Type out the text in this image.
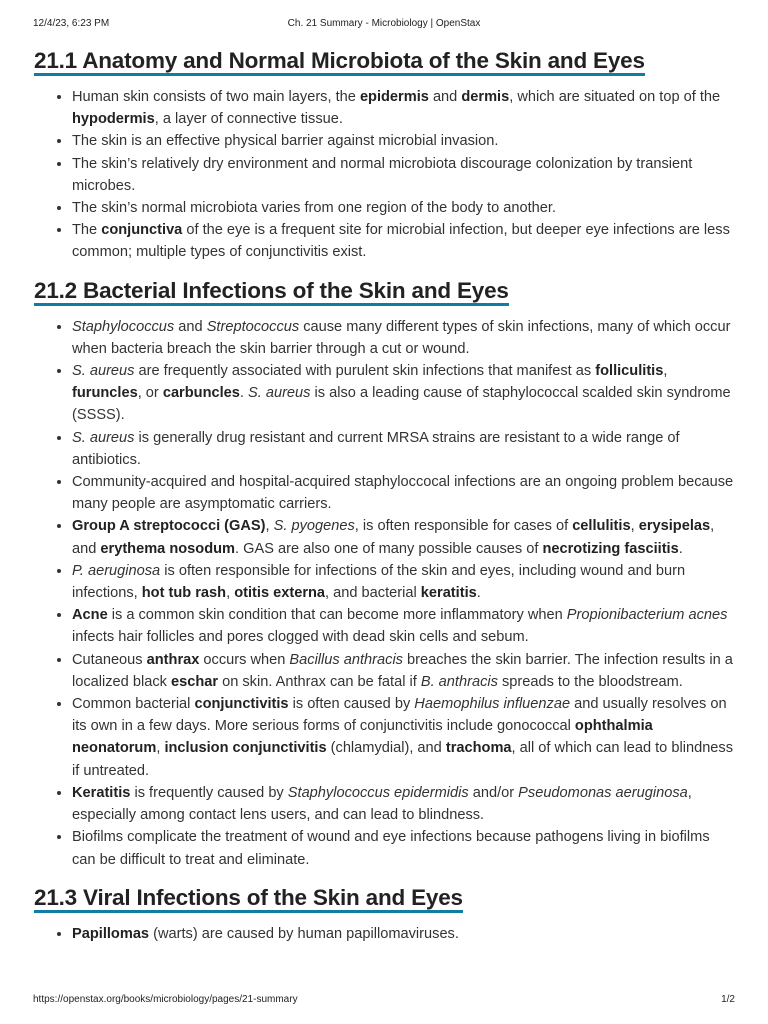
12/4/23, 6:23 PM	Ch. 21 Summary - Microbiology | OpenStax
21.1 Anatomy and Normal Microbiota of the Skin and Eyes
• Human skin consists of two main layers, the epidermis and dermis, which are situated on top of the hypodermis, a layer of connective tissue.
• The skin is an effective physical barrier against microbial invasion.
• The skin’s relatively dry environment and normal microbiota discourage colonization by transient microbes.
• The skin’s normal microbiota varies from one region of the body to another.
• The conjunctiva of the eye is a frequent site for microbial infection, but deeper eye infections are less common; multiple types of conjunctivitis exist.
21.2 Bacterial Infections of the Skin and Eyes
• Staphylococcus and Streptococcus cause many different types of skin infections, many of which occur when bacteria breach the skin barrier through a cut or wound.
• S. aureus are frequently associated with purulent skin infections that manifest as folliculitis, furuncles, or carbuncles. S. aureus is also a leading cause of staphylococcal scalded skin syndrome (SSSS).
• S. aureus is generally drug resistant and current MRSA strains are resistant to a wide range of antibiotics.
• Community-acquired and hospital-acquired staphyloccocal infections are an ongoing problem because many people are asymptomatic carriers.
• Group A streptococci (GAS), S. pyogenes, is often responsible for cases of cellulitis, erysipelas, and erythema nosodum. GAS are also one of many possible causes of necrotizing fasciitis.
• P. aeruginosa is often responsible for infections of the skin and eyes, including wound and burn infections, hot tub rash, otitis externa, and bacterial keratitis.
• Acne is a common skin condition that can become more inflammatory when Propionibacterium acnes infects hair follicles and pores clogged with dead skin cells and sebum.
• Cutaneous anthrax occurs when Bacillus anthracis breaches the skin barrier. The infection results in a localized black eschar on skin. Anthrax can be fatal if B. anthracis spreads to the bloodstream.
• Common bacterial conjunctivitis is often caused by Haemophilus influenzae and usually resolves on its own in a few days. More serious forms of conjunctivitis include gonococcal ophthalmia neonatorum, inclusion conjunctivitis (chlamydial), and trachoma, all of which can lead to blindness if untreated.
• Keratitis is frequently caused by Staphylococcus epidermidis and/or Pseudomonas aeruginosa, especially among contact lens users, and can lead to blindness.
• Biofilms complicate the treatment of wound and eye infections because pathogens living in biofilms can be difficult to treat and eliminate.
21.3 Viral Infections of the Skin and Eyes
• Papillomas (warts) are caused by human papillomaviruses.
https://openstax.org/books/microbiology/pages/21-summary	1/2
